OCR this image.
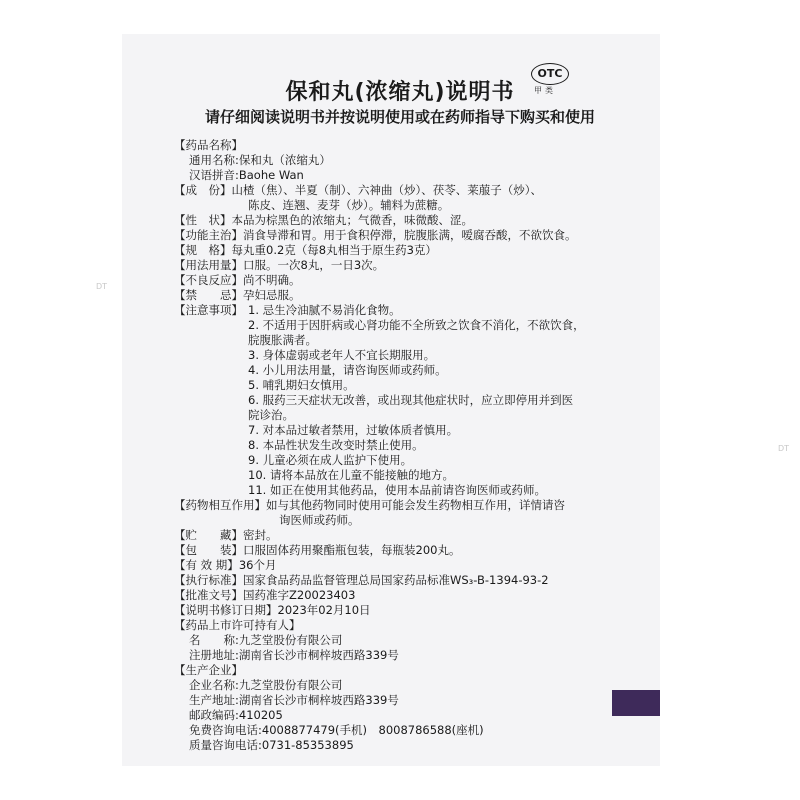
DT
DT
保和丸(浓缩丸)说明书
OTC
甲类
请仔细阅读说明书并按说明使用或在药师指导下购买和使用
【药品名称】
通用名称:保和丸（浓缩丸）
汉语拼音:Baohe Wan
【成　份】山楂（焦）、半夏（制）、六神曲（炒）、茯苓、莱菔子（炒）、
陈皮、连翘、麦芽（炒）。辅料为蔗糖。
【性　状】本品为棕黑色的浓缩丸；气微香，味微酸、涩。
【功能主治】消食导滞和胃。用于食积停滞，脘腹胀满，嗳腐吞酸，不欲饮食。
【规　格】每丸重0.2克（每8丸相当于原生药3克）
【用法用量】口服。一次8丸，一日3次。
【不良反应】尚不明确。
【禁　　忌】孕妇忌服。
【注意事项】 1. 忌生冷油腻不易消化食物。
2. 不适用于因肝病或心肾功能不全所致之饮食不消化，不欲饮食，
脘腹胀满者。
3. 身体虚弱或老年人不宜长期服用。
4. 小儿用法用量，请咨询医师或药师。
5. 哺乳期妇女慎用。
6. 服药三天症状无改善，或出现其他症状时，应立即停用并到医
院诊治。
7. 对本品过敏者禁用，过敏体质者慎用。
8. 本品性状发生改变时禁止使用。
9. 儿童必须在成人监护下使用。
10. 请将本品放在儿童不能接触的地方。
11. 如正在使用其他药品，使用本品前请咨询医师或药师。
【药物相互作用】如与其他药物同时使用可能会发生药物相互作用，详情请咨
询医师或药师。
【贮　　藏】密封。
【包　　装】口服固体药用聚酯瓶包装，每瓶装200丸。
【有 效 期】36个月
【执行标准】国家食品药品监督管理总局国家药品标准WS₃-B-1394-93-2
【批准文号】国药准字Z20023403
【说明书修订日期】2023年02月10日
【药品上市许可持有人】
名　　称:九芝堂股份有限公司
注册地址:湖南省长沙市桐梓坡西路339号
【生产企业】
企业名称:九芝堂股份有限公司
生产地址:湖南省长沙市桐梓坡西路339号
邮政编码:410205
免费咨询电话:4008877479(手机)　8008786588(座机)
质量咨询电话:0731-85353895
